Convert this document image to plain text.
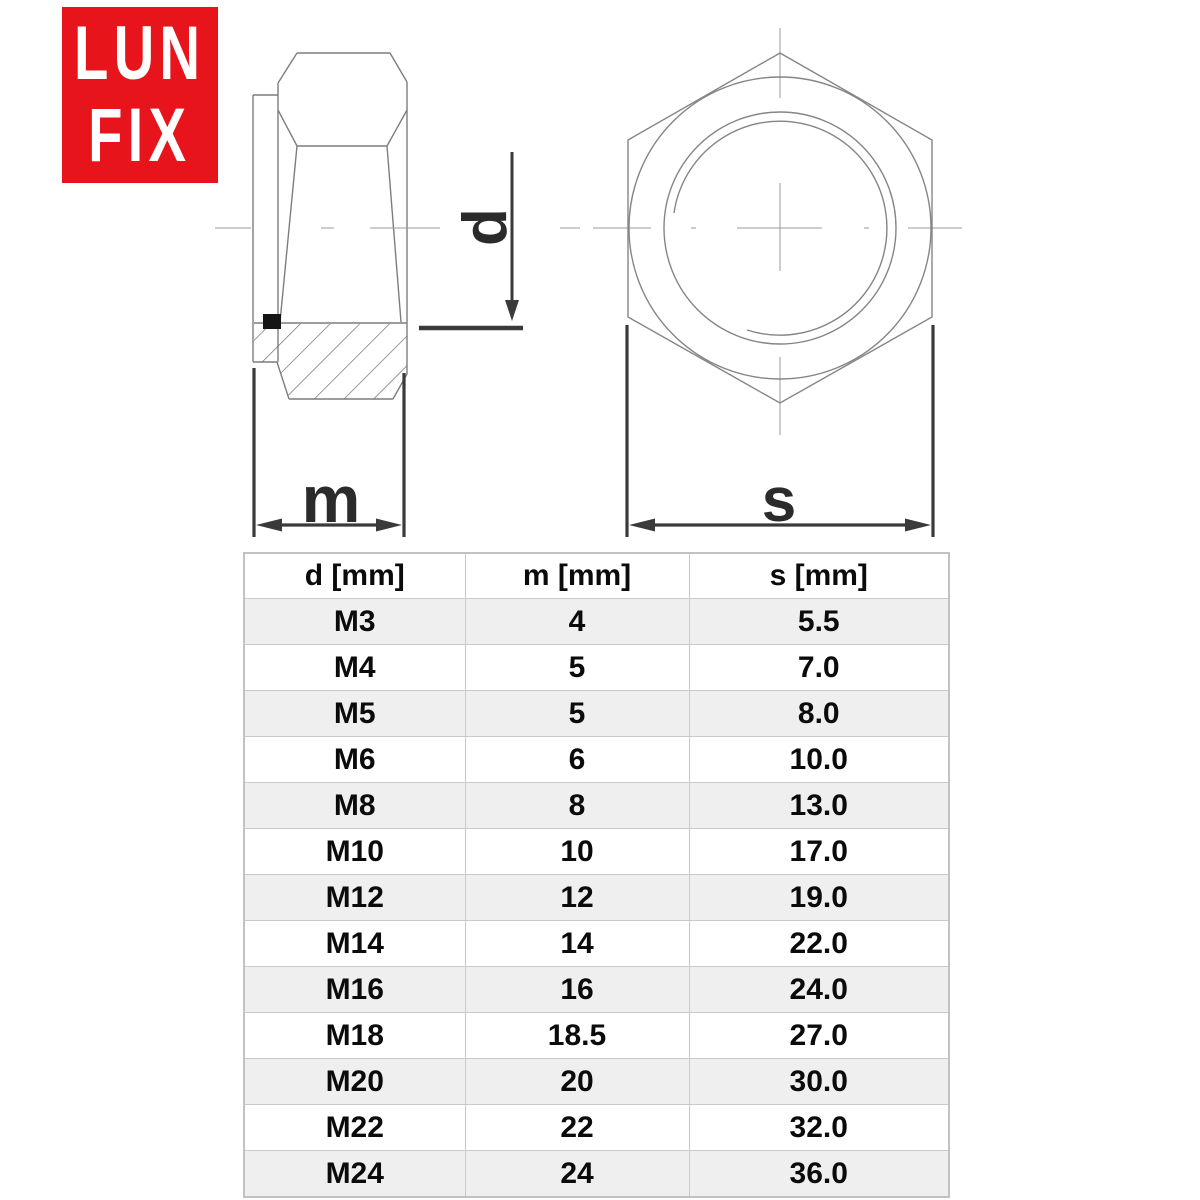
LUN
FIX
m	s
d
d [mm]	m [mm]	s [mm]
M3	4	5.5
M4	5	7.0
M5	5	8.0
M6	6	10.0
M8	8	13.0
M10	10	17.0
M12	12	19.0
M14	14	22.0
M16	16	24.0
M18	18.5	27.0
M20	20	30.0
M22	22	32.0
M24	24	36.0
